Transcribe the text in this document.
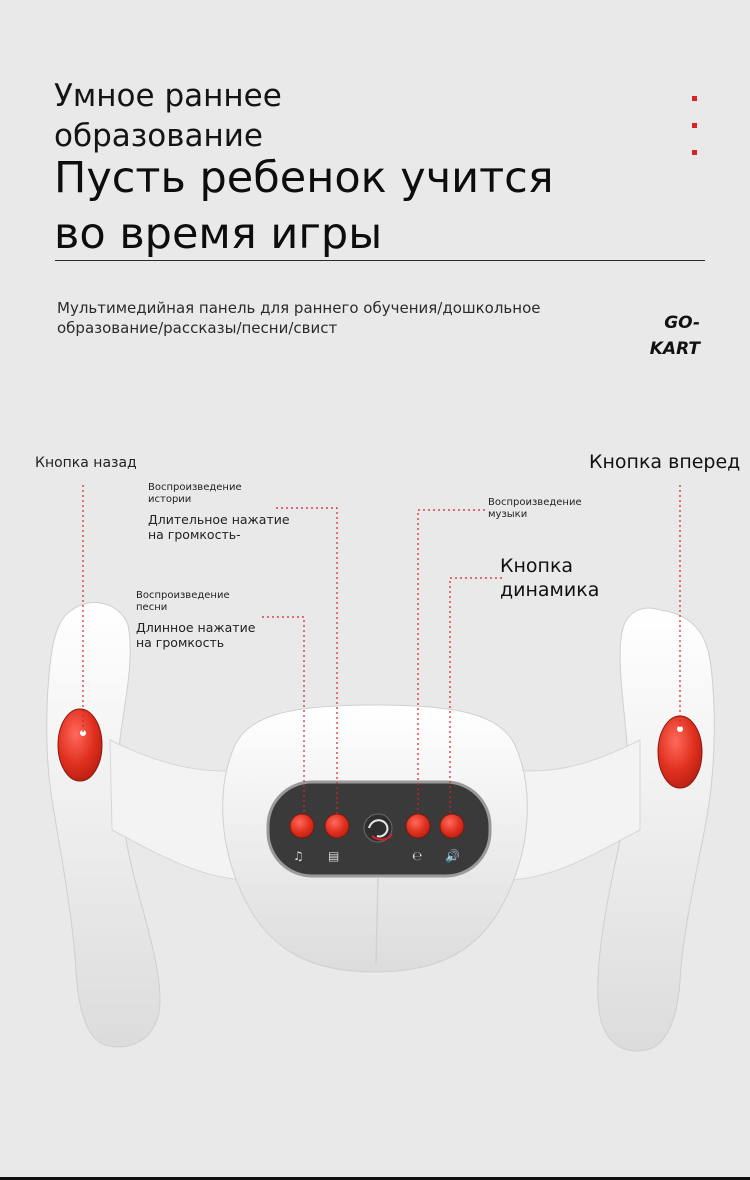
Умное раннее
образование
Пусть ребенок учится
во время игры
Мультимедийная панель для раннего обучения/дошкольное
образование/рассказы/песни/свист	GO-
KART
♫ ▤	℮ 🔊
Кнопка назад	Кнопка вперед
Воспроизведение
истории
Длительное нажатие
на громкость-
Воспроизведение
музыки
Кнопка
динамика
Воспроизведение
песни
Длинное нажатие
на громкость
